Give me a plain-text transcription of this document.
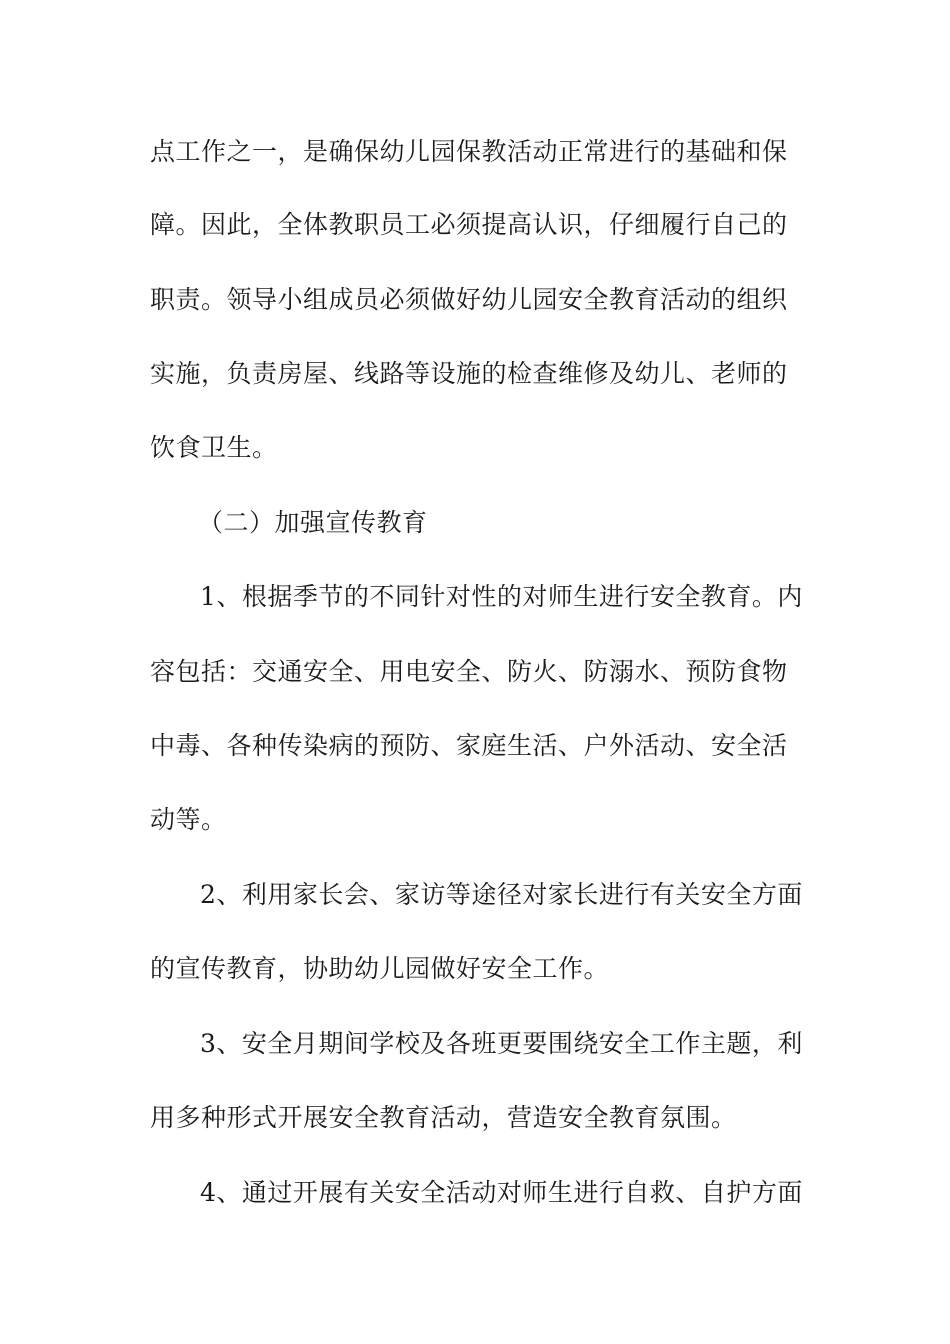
点工作之一，是确保幼儿园保教活动正常进行的基础和保
障。因此，全体教职员工必须提高认识，仔细履行自己的
职责。领导小组成员必须做好幼儿园安全教育活动的组织
实施，负责房屋、线路等设施的检查维修及幼儿、老师的
饮食卫生。
（二）加强宣传教育
1、根据季节的不同针对性的对师生进行安全教育。内
容包括：交通安全、用电安全、防火、防溺水、预防食物
中毒、各种传染病的预防、家庭生活、户外活动、安全活
动等。
2、利用家长会、家访等途径对家长进行有关安全方面
的宣传教育，协助幼儿园做好安全工作。
3、安全月期间学校及各班更要围绕安全工作主题，利
用多种形式开展安全教育活动，营造安全教育氛围。
4、通过开展有关安全活动对师生进行自救、自护方面
